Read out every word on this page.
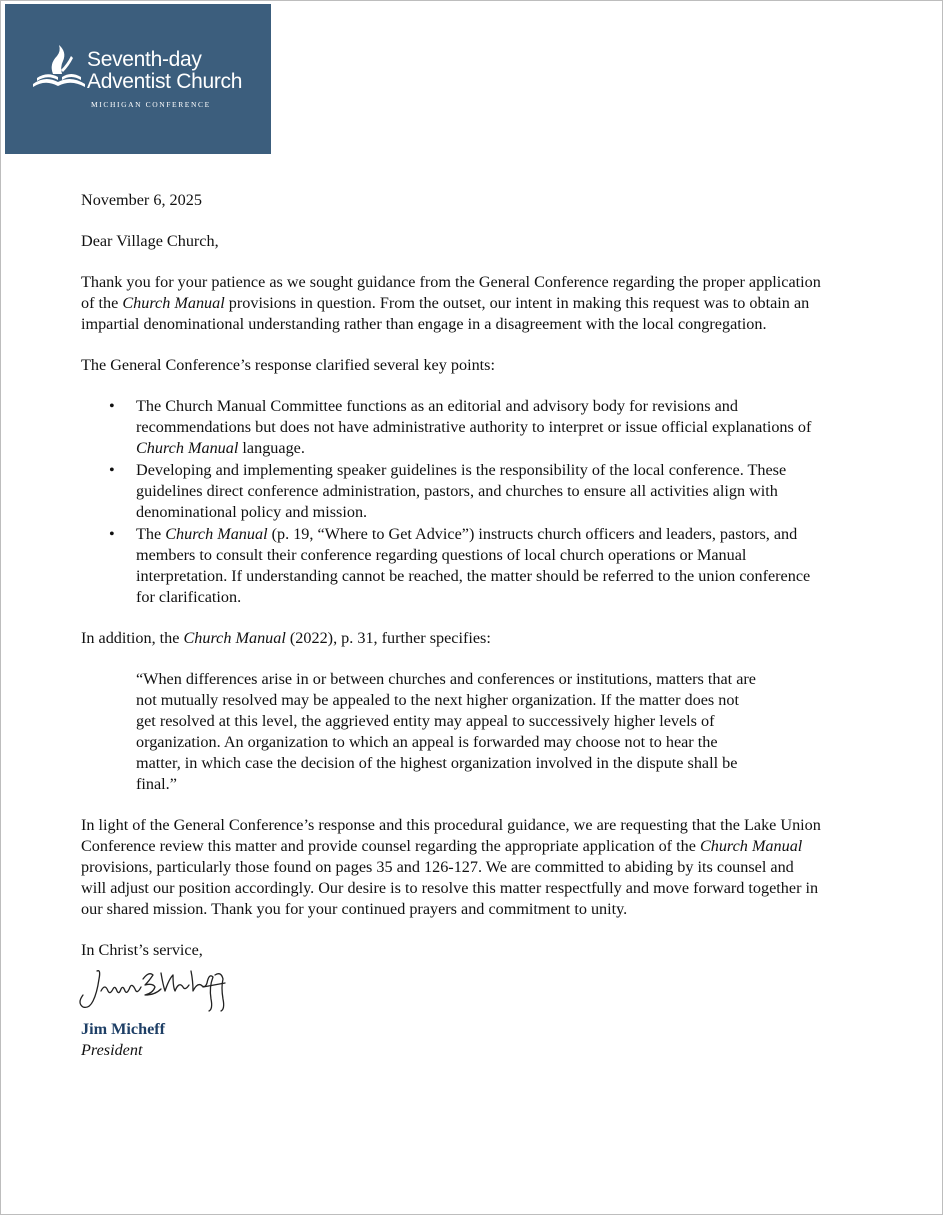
Seventh-day
Adventist Church
MICHIGAN CONFERENCE

November 6, 2025

Dear Village Church,

Thank you for your patience as we sought guidance from the General Conference regarding the proper application of the Church Manual provisions in question. From the outset, our intent in making this request was to obtain an impartial denominational understanding rather than engage in a disagreement with the local congregation.

The General Conference’s response clarified several key points:

• The Church Manual Committee functions as an editorial and advisory body for revisions and recommendations but does not have administrative authority to interpret or issue official explanations of Church Manual language.
• Developing and implementing speaker guidelines is the responsibility of the local conference. These guidelines direct conference administration, pastors, and churches to ensure all activities align with denominational policy and mission.
• The Church Manual (p. 19, “Where to Get Advice”) instructs church officers and leaders, pastors, and members to consult their conference regarding questions of local church operations or Manual interpretation. If understanding cannot be reached, the matter should be referred to the union conference for clarification.

In addition, the Church Manual (2022), p. 31, further specifies:

“When differences arise in or between churches and conferences or institutions, matters that are not mutually resolved may be appealed to the next higher organization. If the matter does not get resolved at this level, the aggrieved entity may appeal to successively higher levels of organization. An organization to which an appeal is forwarded may choose not to hear the matter, in which case the decision of the highest organization involved in the dispute shall be final.”

In light of the General Conference’s response and this procedural guidance, we are requesting that the Lake Union Conference review this matter and provide counsel regarding the appropriate application of the Church Manual provisions, particularly those found on pages 35 and 126-127. We are committed to abiding by its counsel and will adjust our position accordingly. Our desire is to resolve this matter respectfully and move forward together in our shared mission. Thank you for your continued prayers and commitment to unity.

In Christ’s service,

Jim Micheff

President
